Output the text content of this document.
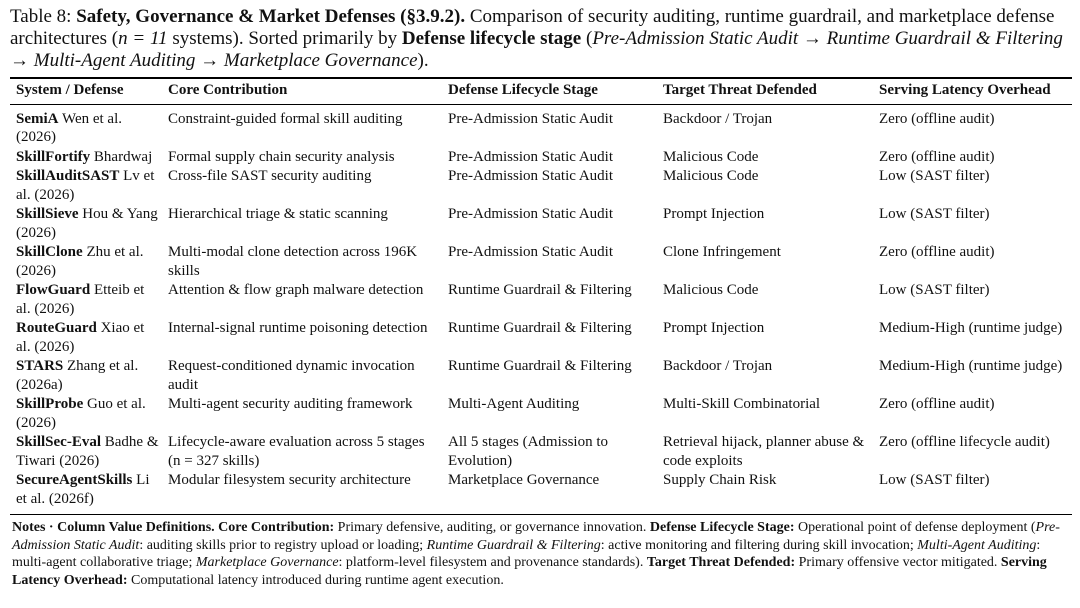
Table 8: Safety, Governance & Market Defenses (§3.9.2). Comparison of security auditing, runtime guardrail, and marketplace defense architectures (n = 11 systems). Sorted primarily by Defense lifecycle stage (Pre-Admission Static Audit → Runtime Guardrail & Filtering → Multi-Agent Auditing → Marketplace Governance).
System / Defense	Core Contribution	Defense Lifecycle Stage	Target Threat Defended	Serving Latency Overhead
SemiA Wen et al. (2026)	Constraint-guided formal skill auditing	Pre-Admission Static Audit	Backdoor / Trojan	Zero (offline audit)
SkillFortify Bhardwaj	Formal supply chain security analysis	Pre-Admission Static Audit	Malicious Code	Zero (offline audit)
SkillAuditSAST Lv et al. (2026)	Cross-file SAST security auditing	Pre-Admission Static Audit	Malicious Code	Low (SAST filter)
SkillSieve Hou & Yang (2026)	Hierarchical triage & static scanning	Pre-Admission Static Audit	Prompt Injection	Low (SAST filter)
SkillClone Zhu et al. (2026)	Multi-modal clone detection across 196K skills	Pre-Admission Static Audit	Clone Infringement	Zero (offline audit)
FlowGuard Etteib et al. (2026)	Attention & flow graph malware detection	Runtime Guardrail & Filtering	Malicious Code	Low (SAST filter)
RouteGuard Xiao et al. (2026)	Internal-signal runtime poisoning detection	Runtime Guardrail & Filtering	Prompt Injection	Medium-High (runtime judge)
STARS Zhang et al. (2026a)	Request-conditioned dynamic invocation audit	Runtime Guardrail & Filtering	Backdoor / Trojan	Medium-High (runtime judge)
SkillProbe Guo et al. (2026)	Multi-agent security auditing framework	Multi-Agent Auditing	Multi-Skill Combinatorial	Zero (offline audit)
SkillSec-Eval Badhe & Tiwari (2026)	Lifecycle-aware evaluation across 5 stages (n = 327 skills)	All 5 stages (Admission to Evolution)	Retrieval hijack, planner abuse & code exploits	Zero (offline lifecycle audit)
SecureAgentSkills Li et al. (2026f)	Modular filesystem security architecture	Marketplace Governance	Supply Chain Risk	Low (SAST filter)
Notes · Column Value Definitions. Core Contribution: Primary defensive, auditing, or governance innovation. Defense Lifecycle Stage: Operational point of defense deployment (Pre-Admission Static Audit: auditing skills prior to registry upload or loading; Runtime Guardrail & Filtering: active monitoring and filtering during skill invocation; Multi-Agent Auditing: multi-agent collaborative triage; Marketplace Governance: platform-level filesystem and provenance standards). Target Threat Defended: Primary offensive vector mitigated. Serving Latency Overhead: Computational latency introduced during runtime agent execution.
